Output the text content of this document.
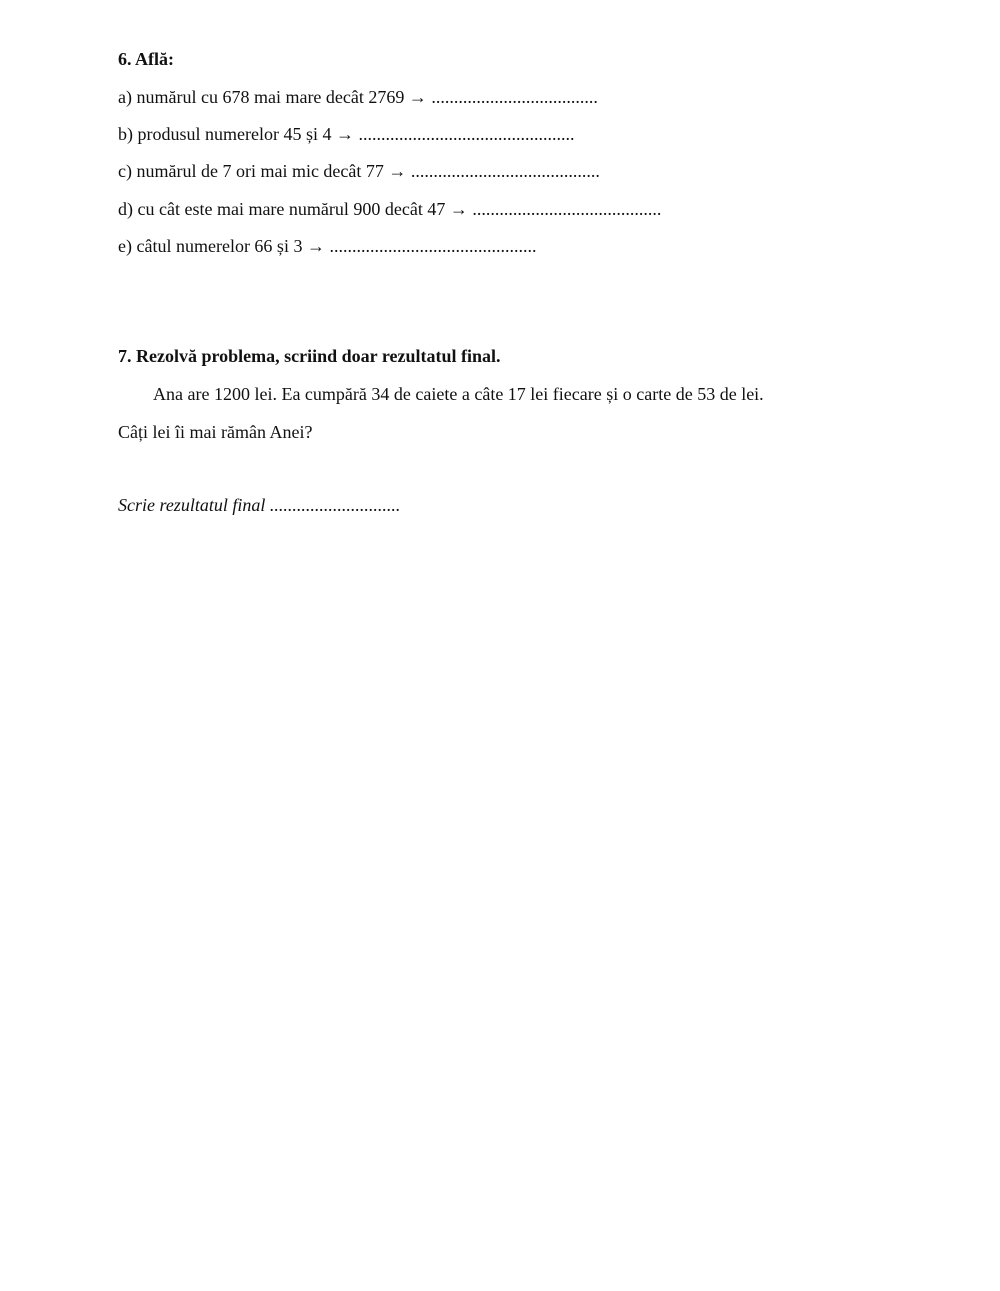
6. Află:
a) numărul cu 678 mai mare decât 2769 → .....................................
b) produsul numerelor 45 și 4 → ................................................
c) numărul de 7 ori mai mic decât 77 → ..........................................
d) cu cât este mai mare numărul 900 decât 47 → ..........................................
e) câtul numerelor 66 și 3 → ..............................................
7. Rezolvă problema, scriind doar rezultatul final.
Ana are 1200 lei. Ea cumpără 34 de caiete a câte 17 lei fiecare și o carte de 53 de lei.
Câți lei îi mai rămân Anei?
Scrie rezultatul final .............................
